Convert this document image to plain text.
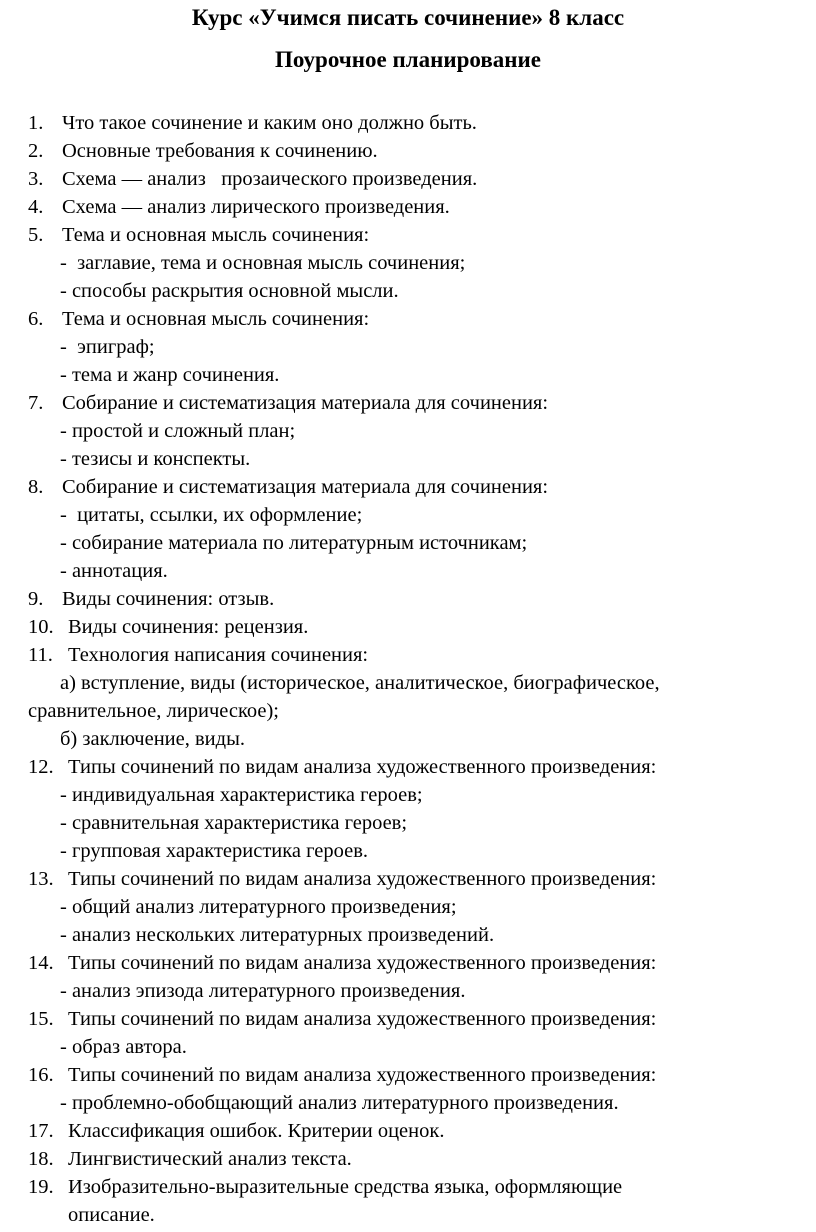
Курс «Учимся писать сочинение» 8 класс
Поурочное планирование
1. Что такое сочинение и каким оно должно быть.
2. Основные требования к сочинению.
3. Схема — анализ   прозаического произведения.
4. Схема — анализ лирического произведения.
5. Тема и основная мысль сочинения:
-  заглавие, тема и основная мысль сочинения;
- способы раскрытия основной мысли.
6. Тема и основная мысль сочинения:
-  эпиграф;
- тема и жанр сочинения.
7. Собирание и систематизация материала для сочинения:
- простой и сложный план;
- тезисы и конспекты.
8. Собирание и систематизация материала для сочинения:
-  цитаты, ссылки, их оформление;
- собирание материала по литературным источникам;
- аннотация.
9. Виды сочинения: отзыв.
10. Виды сочинения: рецензия.
11. Технология написания сочинения:
а) вступление, виды (историческое, аналитическое, биографическое,
сравнительное, лирическое);
б) заключение, виды.
12. Типы сочинений по видам анализа художественного произведения:
- индивидуальная характеристика героев;
- сравнительная характеристика героев;
- групповая характеристика героев.
13. Типы сочинений по видам анализа художественного произведения:
- общий анализ литературного произведения;
- анализ нескольких литературных произведений.
14. Типы сочинений по видам анализа художественного произведения:
- анализ эпизода литературного произведения.
15. Типы сочинений по видам анализа художественного произведения:
- образ автора.
16. Типы сочинений по видам анализа художественного произведения:
- проблемно-обобщающий анализ литературного произведения.
17. Классификация ошибок. Критерии оценок.
18. Лингвистический анализ текста.
19. Изобразительно-выразительные средства языка, оформляющие
описание.
